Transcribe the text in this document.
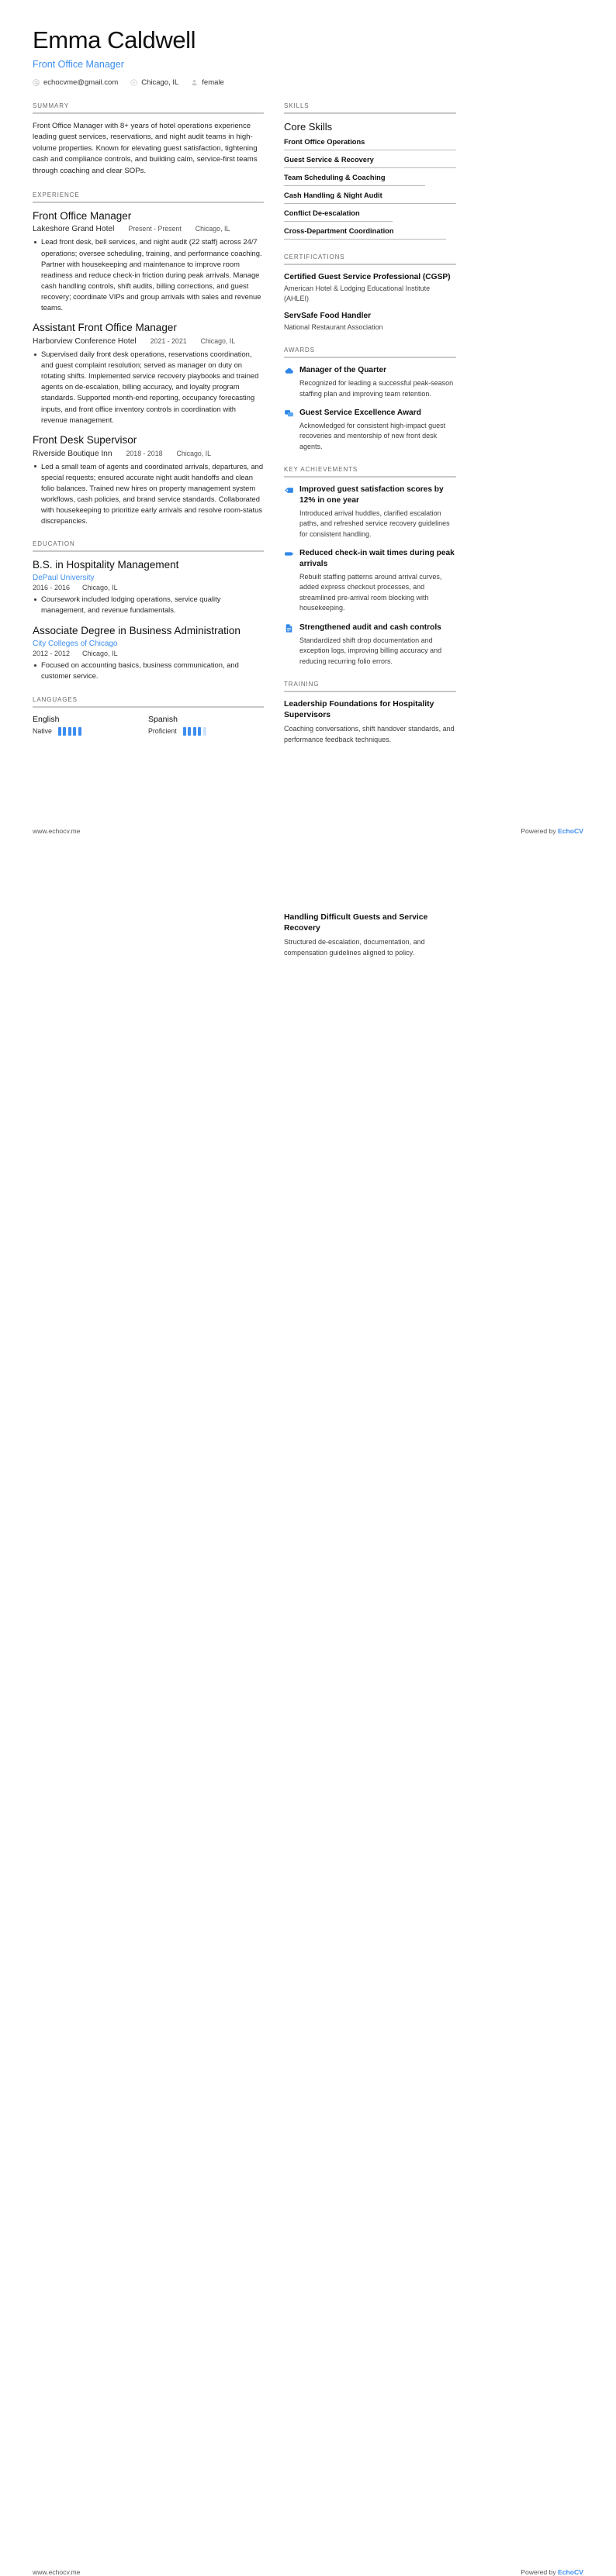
Emma Caldwell
Front Office Manager
echocvme@gmail.com	Chicago, IL	female
SUMMARY
Front Office Manager with 8+ years of hotel operations experience leading guest services, reservations, and night audit teams in high-volume properties. Known for elevating guest satisfaction, tightening cash and compliance controls, and building calm, service-first teams through coaching and clear SOPs.
EXPERIENCE
Front Office Manager
Lakeshore Grand Hotel Present - Present Chicago, IL
Lead front desk, bell services, and night audit (22 staff) across 24/7 operations; oversee scheduling, training, and performance coaching. Partner with housekeeping and maintenance to improve room readiness and reduce check-in friction during peak arrivals. Manage cash handling controls, shift audits, billing corrections, and guest recovery; coordinate VIPs and group arrivals with sales and revenue teams.
Assistant Front Office Manager
Harborview Conference Hotel 2021 - 2021 Chicago, IL
Supervised daily front desk operations, reservations coordination, and guest complaint resolution; served as manager on duty on rotating shifts. Implemented service recovery playbooks and trained agents on de-escalation, billing accuracy, and loyalty program standards. Supported month-end reporting, occupancy forecasting inputs, and front office inventory controls in coordination with revenue management.
Front Desk Supervisor
Riverside Boutique Inn 2018 - 2018 Chicago, IL
Led a small team of agents and coordinated arrivals, departures, and special requests; ensured accurate night audit handoffs and clean folio balances. Trained new hires on property management system workflows, cash policies, and brand service standards. Collaborated with housekeeping to prioritize early arrivals and resolve room-status discrepancies.
EDUCATION
B.S. in Hospitality Management
DePaul University
2016 - 2016 Chicago, IL
Coursework included lodging operations, service quality management, and revenue fundamentals.
Associate Degree in Business Administration
City Colleges of Chicago
2012 - 2012 Chicago, IL
Focused on accounting basics, business communication, and customer service.
LANGUAGES
English
Native
Spanish
Proficient
SKILLS
Core Skills
Front Office Operations
Guest Service & Recovery
Team Scheduling & Coaching
Cash Handling & Night Audit
Conflict De-escalation
Cross-Department Coordination
CERTIFICATIONS
Certified Guest Service Professional (CGSP)
American Hotel & Lodging Educational Institute (AHLEI)
ServSafe Food Handler
National Restaurant Association
AWARDS
Manager of the Quarter
Recognized for leading a successful peak-season staffing plan and improving team retention.
Guest Service Excellence Award
Acknowledged for consistent high-impact guest recoveries and mentorship of new front desk agents.
KEY ACHIEVEMENTS
Improved guest satisfaction scores by 12% in one year
Introduced arrival huddles, clarified escalation paths, and refreshed service recovery guidelines for consistent handling.
Reduced check-in wait times during peak arrivals
Rebuilt staffing patterns around arrival curves, added express checkout processes, and streamlined pre-arrival room blocking with housekeeping.
Strengthened audit and cash controls
Standardized shift drop documentation and exception logs, improving billing accuracy and reducing recurring folio errors.
TRAINING
Leadership Foundations for Hospitality Supervisors
Coaching conversations, shift handover standards, and performance feedback techniques.
www.echocv.me	Powered by EchoCV
Handling Difficult Guests and Service Recovery
Structured de-escalation, documentation, and compensation guidelines aligned to policy.
www.echocv.me	Powered by EchoCV
